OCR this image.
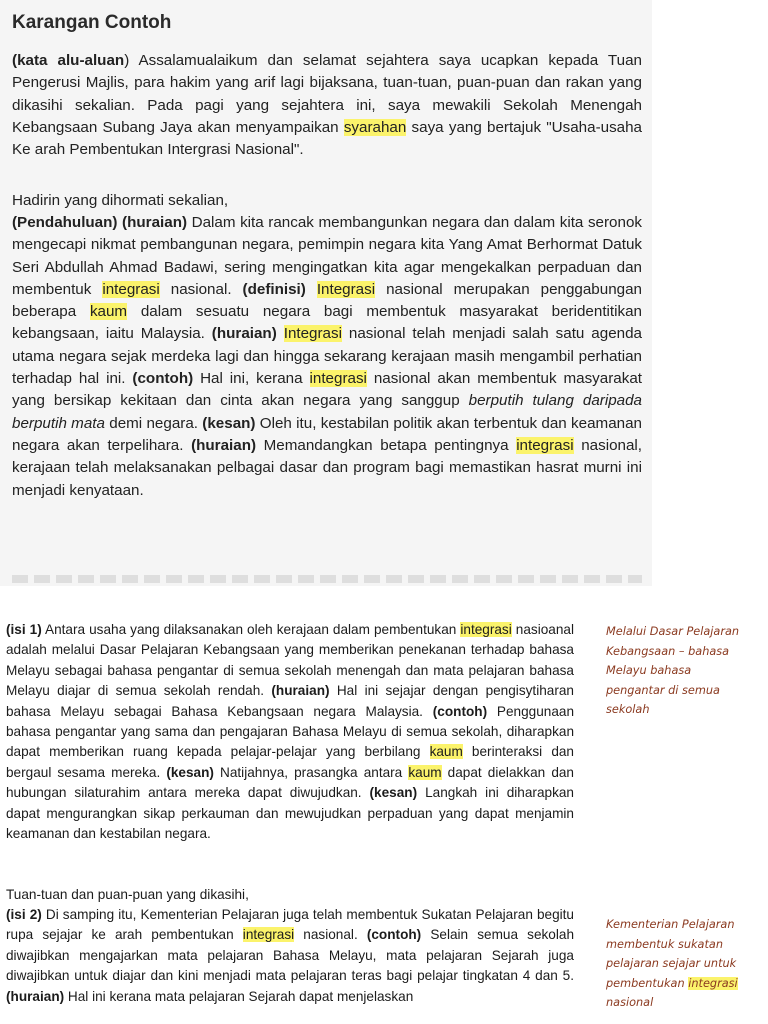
Karangan Contoh

(kata alu-aluan) Assalamualaikum dan selamat sejahtera saya ucapkan kepada Tuan Pengerusi Majlis, para hakim yang arif lagi bijaksana, tuan-tuan, puan-puan dan rakan yang dikasihi sekalian. Pada pagi yang sejahtera ini, saya mewakili Sekolah Menengah Kebangsaan Subang Jaya akan menyampaikan syarahan saya yang bertajuk "Usaha-usaha Ke arah Pembentukan Intergrasi Nasional".

Hadirin yang dihormati sekalian,

(Pendahuluan) (huraian) Dalam kita rancak membangunkan negara dan dalam kita seronok mengecapi nikmat pembangunan negara, pemimpin negara kita Yang Amat Berhormat Datuk Seri Abdullah Ahmad Badawi, sering mengingatkan kita agar mengekalkan perpaduan dan membentuk integrasi nasional. (definisi) Integrasi nasional merupakan penggabungan beberapa kaum dalam sesuatu negara bagi membentuk masyarakat beridentitikan kebangsaan, iaitu Malaysia. (huraian) Integrasi nasional telah menjadi salah satu agenda utama negara sejak merdeka lagi dan hingga sekarang kerajaan masih mengambil perhatian terhadap hal ini. (contoh) Hal ini, kerana integrasi nasional akan membentuk masyarakat yang bersikap kekitaan dan cinta akan negara yang sanggup berputih tulang daripada berputih mata demi negara. (kesan) Oleh itu, kestabilan politik akan terbentuk dan keamanan negara akan terpelihara. (huraian) Memandangkan betapa pentingnya integrasi nasional, kerajaan telah melaksanakan pelbagai dasar dan program bagi memastikan hasrat murni ini menjadi kenyataan.

(isi 1) Antara usaha yang dilaksanakan oleh kerajaan dalam pembentukan integrasi nasioanal adalah melalui Dasar Pelajaran Kebangsaan yang memberikan penekanan terhadap bahasa Melayu sebagai bahasa pengantar di semua sekolah menengah dan mata pelajaran bahasa Melayu diajar di semua sekolah rendah. (huraian) Hal ini sejajar dengan pengisytiharan bahasa Melayu sebagai Bahasa Kebangsaan negara Malaysia. (contoh) Penggunaan bahasa pengantar yang sama dan pengajaran Bahasa Melayu di semua sekolah, diharapkan dapat memberikan ruang kepada pelajar-pelajar yang berbilang kaum berinteraksi dan bergaul sesama mereka. (kesan) Natijahnya, prasangka antara kaum dapat dielakkan dan hubungan silaturahim antara mereka dapat diwujudkan. (kesan) Langkah ini diharapkan dapat mengurangkan sikap perkauman dan mewujudkan perpaduan yang dapat menjamin keamanan dan kestabilan negara.

Melalui Dasar Pelajaran Kebangsaan – bahasa Melayu bahasa pengantar di semua sekolah

Tuan-tuan dan puan-puan yang dikasihi,

(isi 2) Di samping itu, Kementerian Pelajaran juga telah membentuk Sukatan Pelajaran begitu rupa sejajar ke arah pembentukan integrasi nasional. (contoh) Selain semua sekolah diwajibkan mengajarkan mata pelajaran Bahasa Melayu, mata pelajaran Sejarah juga diwajibkan untuk diajar dan kini menjadi mata pelajaran teras bagi pelajar tingkatan 4 dan 5. (huraian) Hal ini kerana mata pelajaran Sejarah dapat menjelaskan

Kementerian Pelajaran membentuk sukatan pelajaran sejajar untuk pembentukan integrasi nasional
